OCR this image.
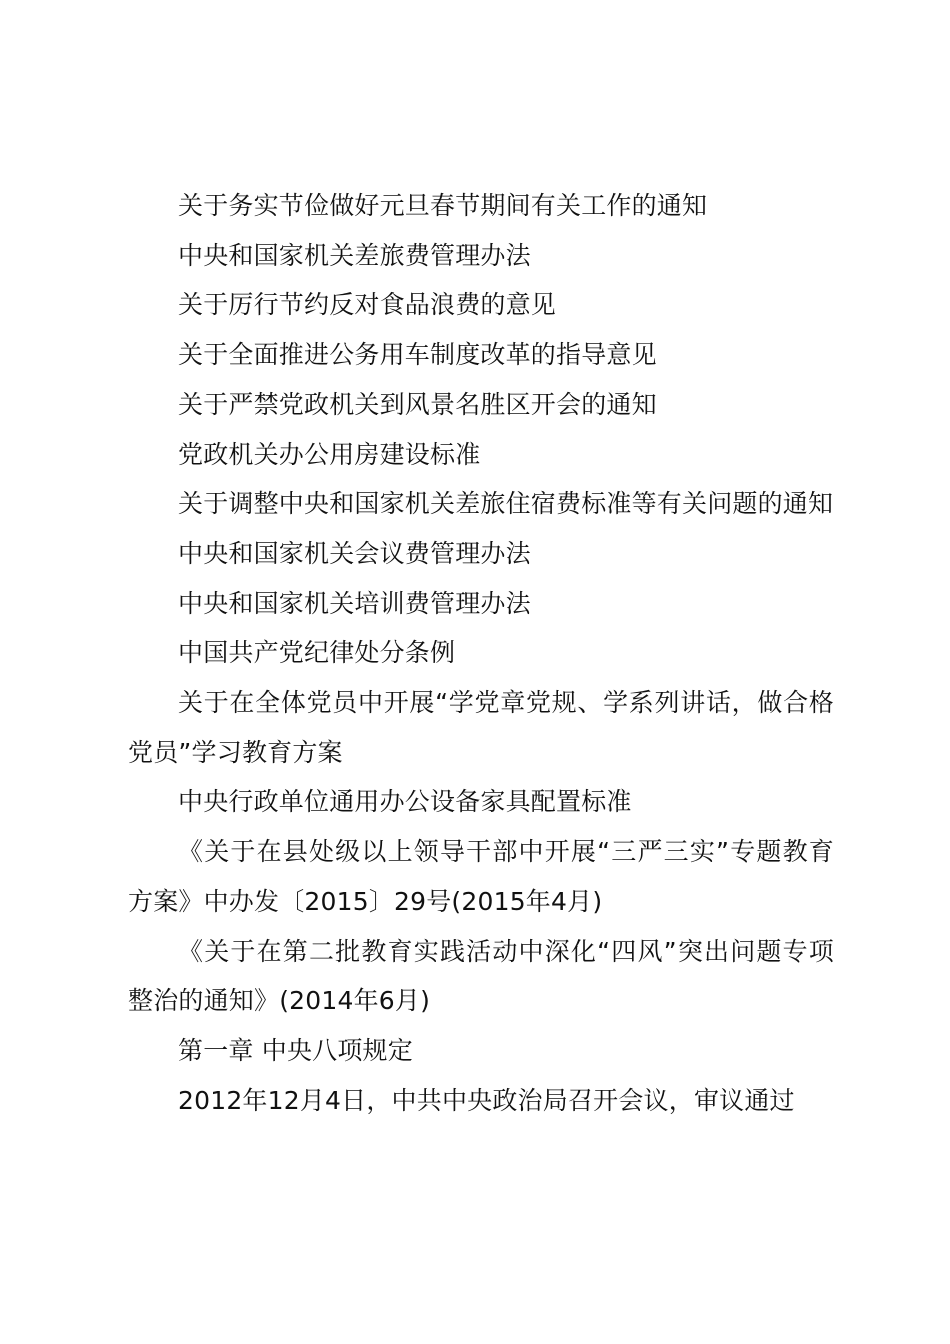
关于务实节俭做好元旦春节期间有关工作的通知

中央和国家机关差旅费管理办法

关于厉行节约反对食品浪费的意见

关于全面推进公务用车制度改革的指导意见

关于严禁党政机关到风景名胜区开会的通知

党政机关办公用房建设标准

关于调整中央和国家机关差旅住宿费标准等有关问题的通知

中央和国家机关会议费管理办法

中央和国家机关培训费管理办法

中国共产党纪律处分条例

关于在全体党员中开展“学党章党规、学系列讲话，做合格党员”学习教育方案

中央行政单位通用办公设备家具配置标准

《关于在县处级以上领导干部中开展“三严三实”专题教育方案》中办发〔2015〕29号(2015年4月)

《关于在第二批教育实践活动中深化“四风”突出问题专项整治的通知》(2014年6月)

第一章 中央八项规定

2012年12月4日，中共中央政治局召开会议，审议通过
